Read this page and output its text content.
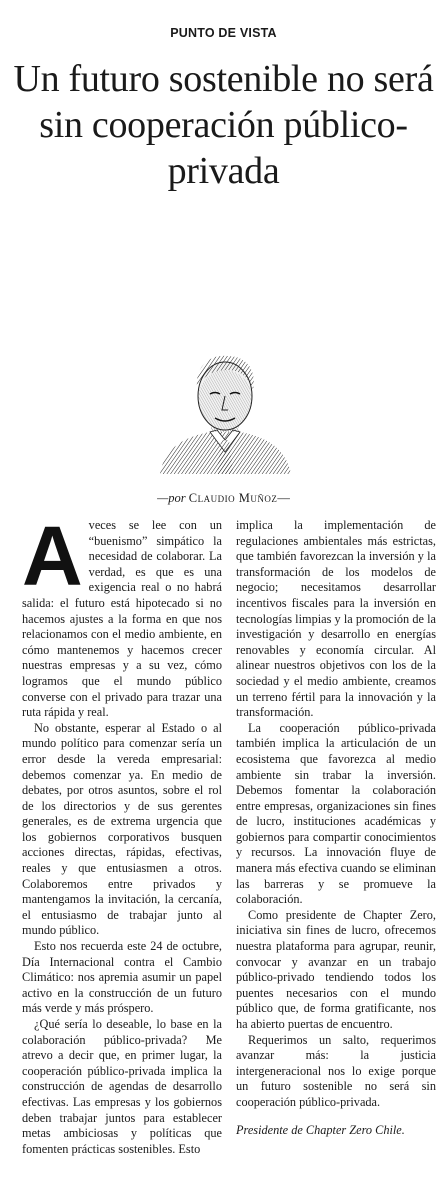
PUNTO DE VISTA
Un futuro sostenible no será sin cooperación público-privada
—por Claudio Muñoz—

Aveces se lee con un “buenismo” simpático la necesidad de colaborar. La verdad, es que es una exigencia real o no habrá salida: el futuro está hipotecado si no hacemos ajustes a la forma en que nos relacionamos con el medio ambiente, en cómo mantenemos y hacemos crecer nuestras empresas y a su vez, cómo logramos que el mundo público converse con el privado para trazar una ruta rápida y real.

No obstante, esperar al Estado o al mundo político para comenzar sería un error desde la vereda empresarial: debemos comenzar ya. En medio de debates, por otros asuntos, sobre el rol de los directorios y de sus gerentes generales, es de extrema urgencia que los gobiernos corporativos busquen acciones directas, rápidas, efectivas, reales y que entusiasmen a otros. Colaboremos entre privados y mantengamos la invitación, la cercanía, el entusiasmo de trabajar junto al mundo público.

Esto nos recuerda este 24 de octubre, Día Internacional contra el Cambio Climático: nos apremia asumir un papel activo en la construcción de un futuro más verde y más próspero.

¿Qué sería lo deseable, lo base en la colaboración público-privada? Me atrevo a decir que, en primer lugar, la cooperación público-privada implica la construcción de agendas de desarrollo efectivas. Las empresas y los gobiernos deben trabajar juntos para establecer metas ambiciosas y políticas que fomenten prácticas sostenibles. Esto

implica la implementación de regulaciones ambientales más estrictas, que también favorezcan la inversión y la transformación de los modelos de negocio; necesitamos desarrollar incentivos fiscales para la inversión en tecnologías limpias y la promoción de la investigación y desarrollo en energías renovables y economía circular. Al alinear nuestros objetivos con los de la sociedad y el medio ambiente, creamos un terreno fértil para la innovación y la transformación.

La cooperación público-privada también implica la articulación de un ecosistema que favorezca al medio ambiente sin trabar la inversión. Debemos fomentar la colaboración entre empresas, organizaciones sin fines de lucro, instituciones académicas y gobiernos para compartir conocimientos y recursos. La innovación fluye de manera más efectiva cuando se eliminan las barreras y se promueve la colaboración.

Como presidente de Chapter Zero, iniciativa sin fines de lucro, ofrecemos nuestra plataforma para agrupar, reunir, convocar y avanzar en un trabajo público-privado tendiendo todos los puentes necesarios con el mundo público que, de forma gratificante, nos ha abierto puertas de encuentro.

Requerimos un salto, requerimos avanzar más: la justicia intergeneracional nos lo exige porque un futuro sostenible no será sin cooperación público-privada.

Presidente de Chapter Zero Chile.
